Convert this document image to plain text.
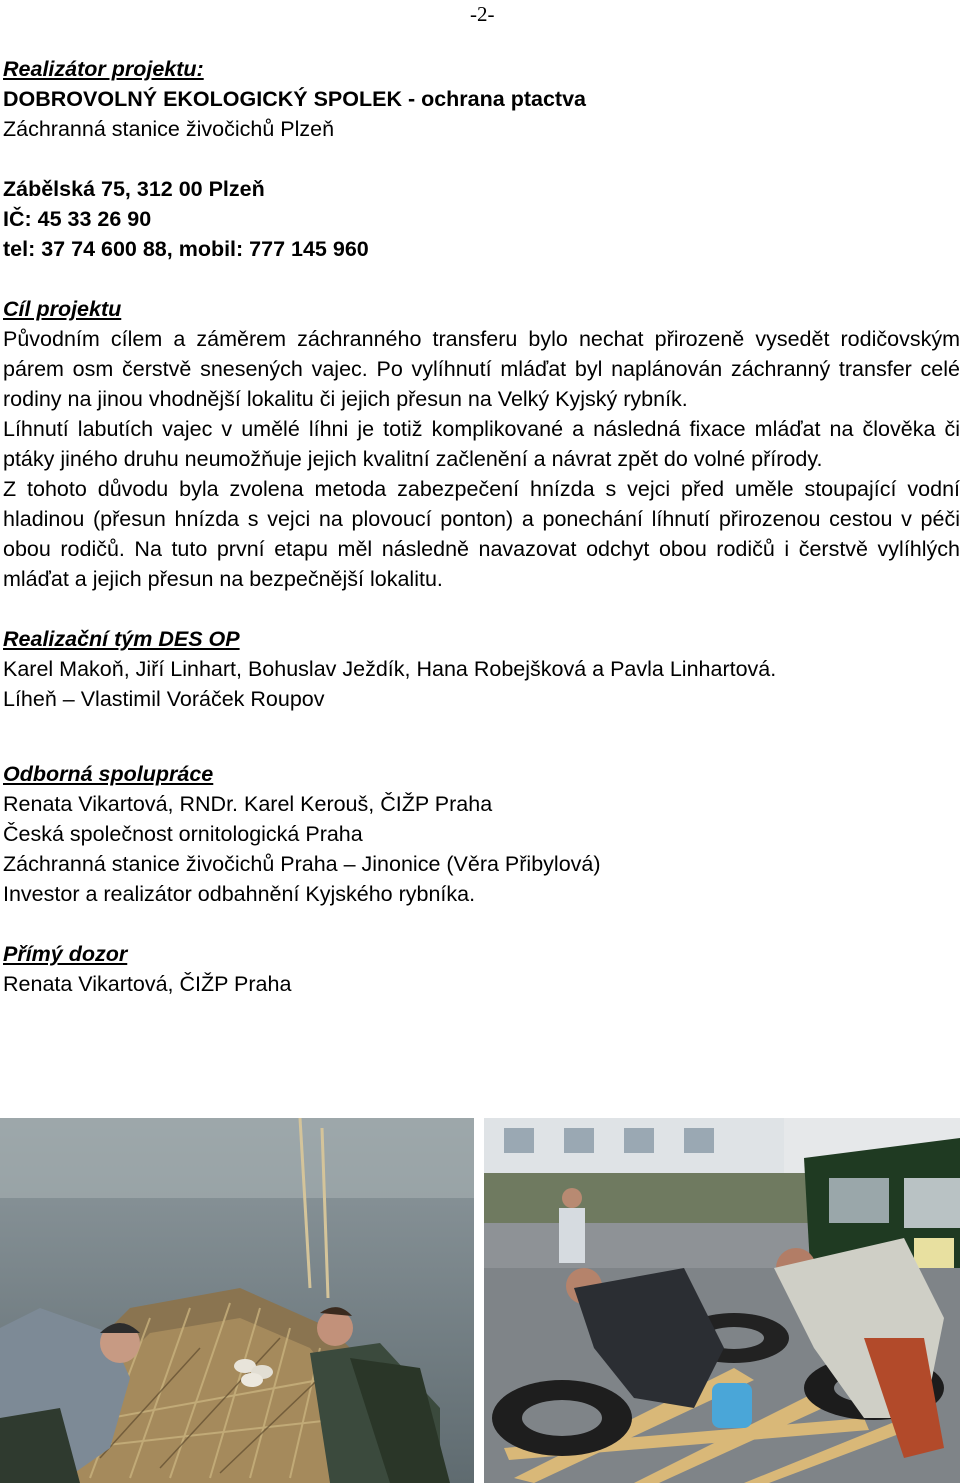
-2-
Realizátor projektu:
DOBROVOLNÝ EKOLOGICKÝ SPOLEK - ochrana ptactva
Záchranná stanice živočichů Plzeň
Zábělská 75, 312 00 Plzeň
IČ: 45 33 26 90
tel: 37 74 600 88, mobil: 777 145 960
Cíl projektu
Původním cílem a záměrem záchranného transferu bylo nechat přirozeně vysedět rodičovským párem osm čerstvě snesených vajec. Po vylíhnutí mláďat byl naplánován záchranný transfer celé rodiny na jinou vhodnější lokalitu či jejich přesun na Velký Kyjský rybník.
Líhnutí labutích vajec v umělé líhni je totiž komplikované a následná fixace mláďat na člověka či ptáky jiného druhu neumožňuje jejich kvalitní začlenění a návrat zpět do volné přírody.
Z tohoto důvodu byla zvolena metoda zabezpečení hnízda s vejci před uměle stoupající vodní hladinou (přesun hnízda s vejci na plovoucí ponton) a ponechání líhnutí přirozenou cestou v péči obou rodičů. Na tuto první etapu měl následně navazovat odchyt obou rodičů i čerstvě vylíhlých mláďat a jejich přesun na bezpečnější lokalitu.
Realizační tým DES OP
Karel Makoň, Jiří Linhart, Bohuslav Ježdík, Hana Robejšková a Pavla Linhartová.
Líheň – Vlastimil Voráček Roupov
Odborná spolupráce
Renata Vikartová, RNDr. Karel Kerouš, ČIŽP Praha
Česká společnost ornitologická Praha
Záchranná stanice živočichů Praha – Jinonice (Věra Přibylová)
Investor a realizátor odbahnění Kyjského rybníka.
Přímý dozor
Renata Vikartová, ČIŽP Praha
